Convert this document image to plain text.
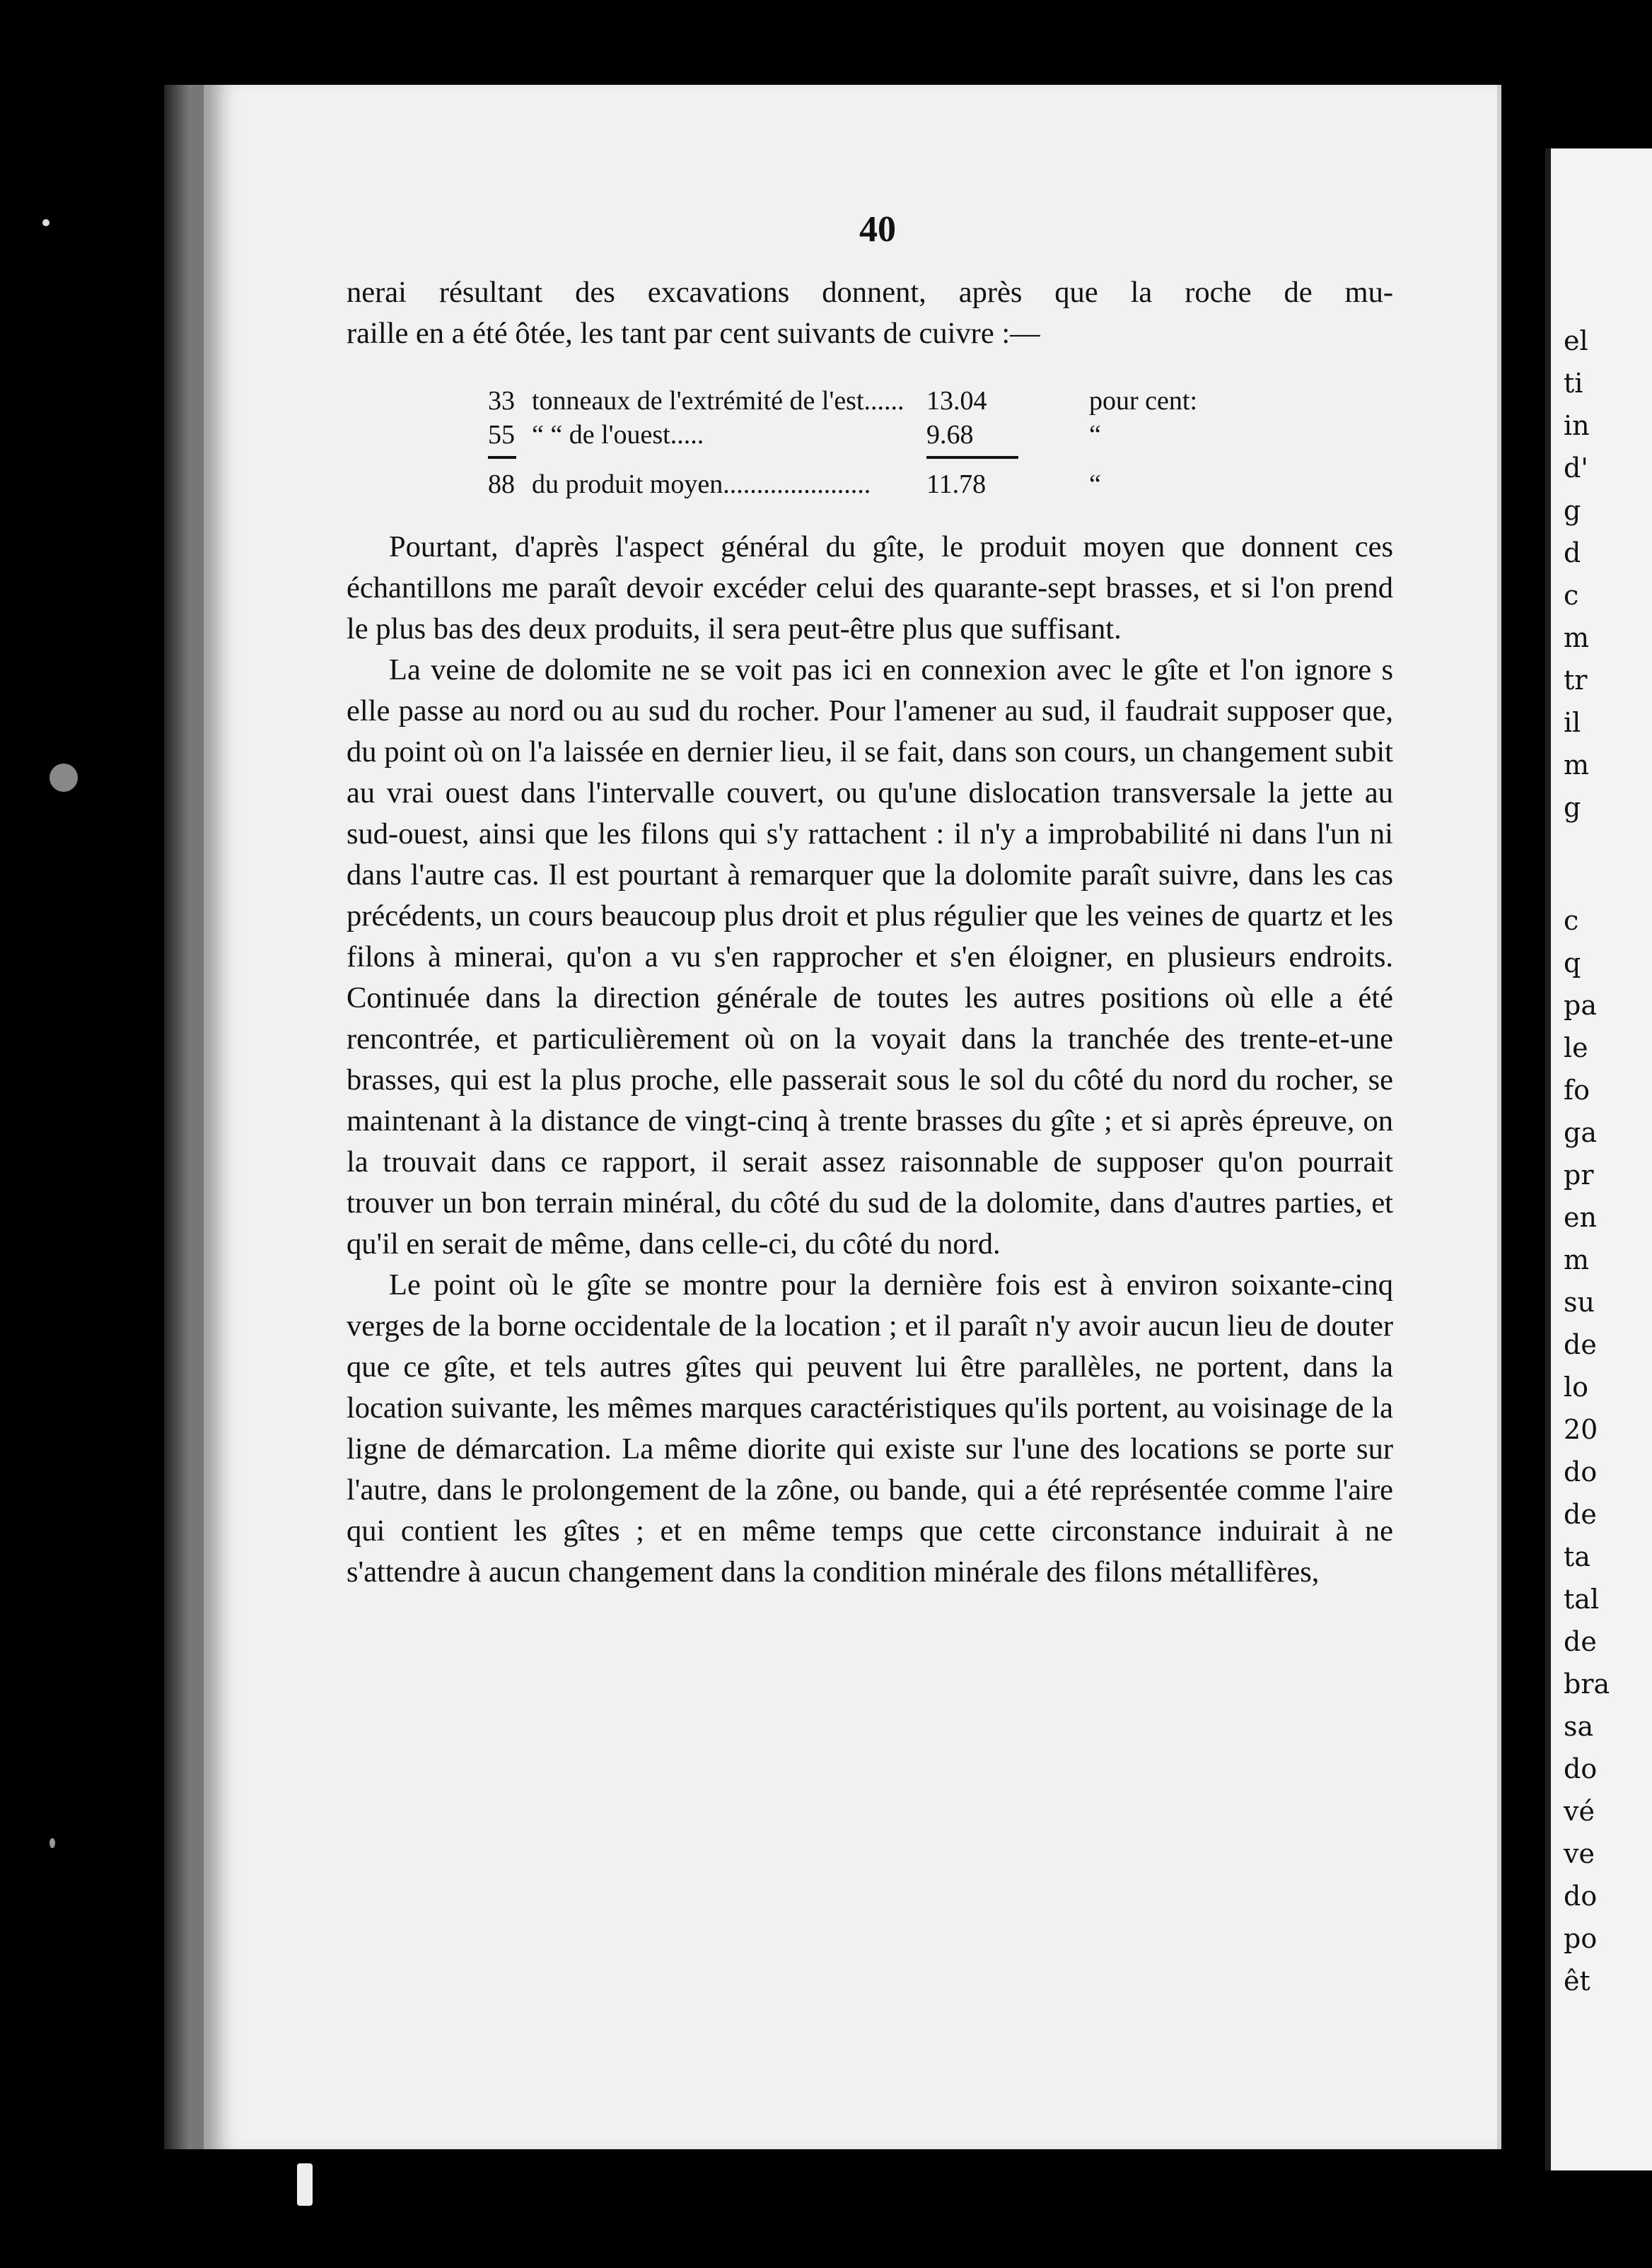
40

nerai résultant des excavations donnent, après que la roche de mu-

raille en a été ôtée, les tant par cent suivants de cuivre :—

33 tonneaux de l'extrémité de l'est...... 13.04	pour cent:
55 “ “ de l'ouest.....	9.68	“
88 du produit moyen...................... 11.78	“

Pourtant, d'après l'aspect général du gîte, le produit moyen que donnent ces échantillons me paraît devoir excéder celui des quarante-sept brasses, et si l'on prend le plus bas des deux produits, il sera peut-être plus que suffisant.

La veine de dolomite ne se voit pas ici en connexion avec le gîte et l'on ignore s elle passe au nord ou au sud du rocher. Pour l'amener au sud, il faudrait supposer que, du point où on l'a laissée en dernier lieu, il se fait, dans son cours, un changement subit au vrai ouest dans l'intervalle couvert, ou qu'une dislocation transversale la jette au sud-ouest, ainsi que les filons qui s'y rattachent : il n'y a improbabilité ni dans l'un ni dans l'autre cas. Il est pourtant à remarquer que la dolomite paraît suivre, dans les cas précédents, un cours beaucoup plus droit et plus régulier que les veines de quartz et les filons à minerai, qu'on a vu s'en rapprocher et s'en éloigner, en plusieurs endroits. Continuée dans la direction générale de toutes les autres positions où elle a été rencontrée, et particulièrement où on la voyait dans la tranchée des trente-et-une brasses, qui est la plus proche, elle passerait sous le sol du côté du nord du rocher, se maintenant à la distance de vingt-cinq à trente brasses du gîte ; et si après épreuve, on la trouvait dans ce rapport, il serait assez raisonnable de supposer qu'on pourrait trouver un bon terrain minéral, du côté du sud de la dolomite, dans d'autres parties, et qu'il en serait de même, dans celle-ci, du côté du nord.

Le point où le gîte se montre pour la dernière fois est à environ soixante-cinq verges de la borne occidentale de la location ; et il paraît n'y avoir aucun lieu de douter que ce gîte, et tels autres gîtes qui peuvent lui être parallèles, ne portent, dans la location suivante, les mêmes marques caractéristiques qu'ils portent, au voisinage de la ligne de démarcation. La même diorite qui existe sur l'une des locations se porte sur l'autre, dans le prolongement de la zône, ou bande, qui a été représentée comme l'aire qui contient les gîtes ; et en même temps que cette circonstance induirait à ne s'attendre à aucun changement dans la condition minérale des filons métallifères,

el
ti
in
d'
g
d
c
m
tr
il
m
g
c
q
pa
le
fo
ga
pr
en
m
su
de
lo
20
do
de
ta
tal
de
bra
sa
do
vé
ve
do
po
êt
